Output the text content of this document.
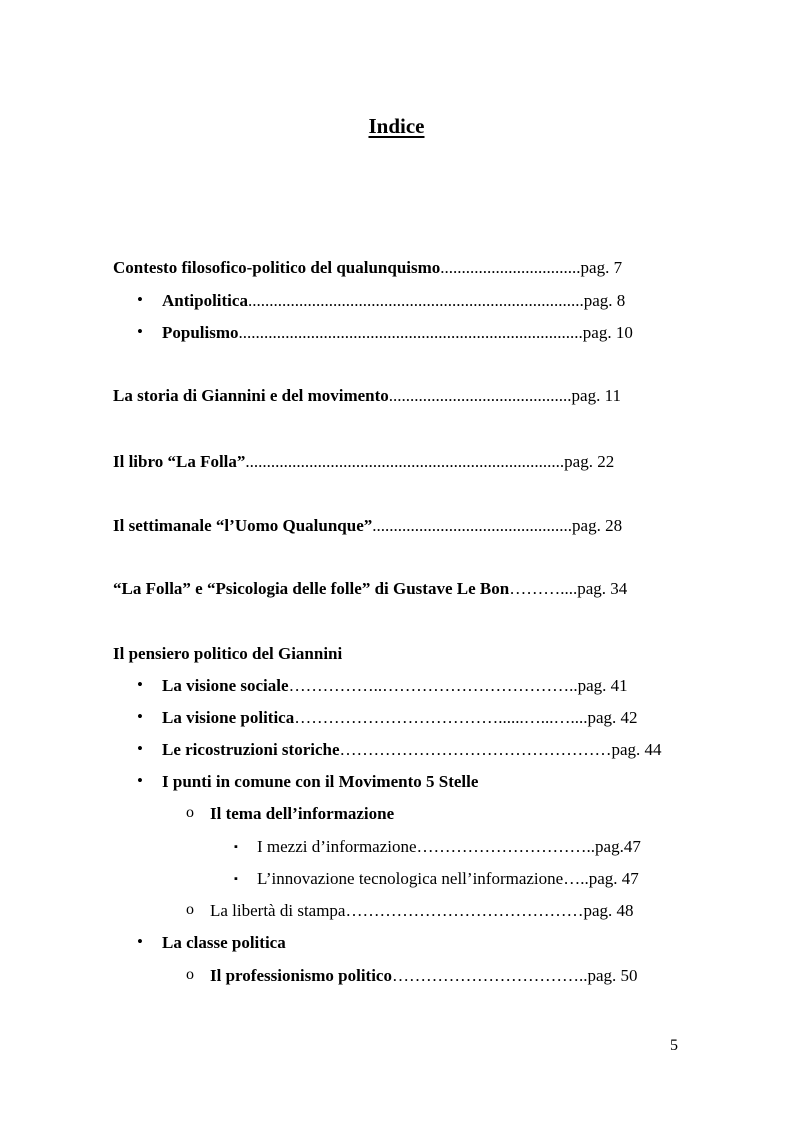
Indice
Contesto filosofico-politico del qualunquismo.................................pag. 7
• Antipolitica...............................................................................pag. 8
• Populismo.................................................................................pag. 10
La storia di Giannini e del movimento...........................................pag. 11
Il libro “La Folla”...........................................................................pag. 22
Il settimanale “l’Uomo Qualunque”...............................................pag. 28
“La Folla” e “Psicologia delle folle” di Gustave Le Bon………....pag. 34
Il pensiero politico del Giannini
• La visione sociale……………..……………………………..pag. 41
• La visione politica………………………………......…...…....pag. 42
• Le ricostruzioni storiche…………………………………………pag. 44
• I punti in comune con il Movimento 5 Stelle
o Il tema dell’informazione
▪ I mezzi d’informazione…………………………..pag.47
▪ L’innovazione tecnologica nell’informazione…..pag. 47
o La libertà di stampa……………………………………pag. 48
• La classe politica
o Il professionismo politico……………………………..pag. 50
5
